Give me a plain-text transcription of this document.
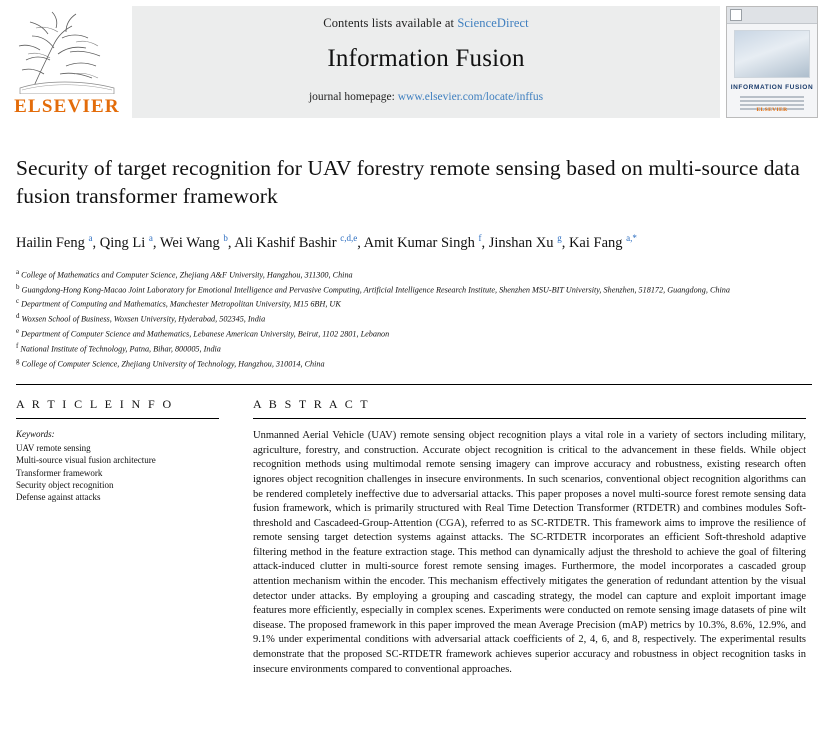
ELSEVIER
Contents lists available at ScienceDirect
Information Fusion
journal homepage: www.elsevier.com/locate/inffus
INFORMATION FUSION
ELSEVIER
Security of target recognition for UAV forestry remote sensing based on multi-source data fusion transformer framework
Hailin Feng $^a$, Qing Li $^a$, Wei Wang $^b$, Ali Kashif Bashir $^{c,d,e}$, Amit Kumar Singh $^f$, Jinshan Xu $^g$, Kai Fang $^{a,*}$
$^a$ College of Mathematics and Computer Science, Zhejiang A&F University, Hangzhou, 311300, China
$^b$ Guangdong-Hong Kong-Macao Joint Laboratory for Emotional Intelligence and Pervasive Computing, Artificial Intelligence Research Institute, Shenzhen MSU-BIT University, Shenzhen, 518172, Guangdong, China
$^c$ Department of Computing and Mathematics, Manchester Metropolitan University, M15 6BH, UK
$^d$ Woxsen School of Business, Woxsen University, Hyderabad, 502345, India
$^e$ Department of Computer Science and Mathematics, Lebanese American University, Beirut, 1102 2801, Lebanon
$^f$ National Institute of Technology, Patna, Bihar, 800005, India
$^g$ College of Computer Science, Zhejiang University of Technology, Hangzhou, 310014, China
A R T I C L E I N F O
Keywords:
UAV remote sensing
Multi-source visual fusion architecture
Transformer framework
Security object recognition
Defense against attacks
A B S T R A C T

Unmanned Aerial Vehicle (UAV) remote sensing object recognition plays a vital role in a variety of sectors including military, agriculture, forestry, and construction. Accurate object recognition is critical to the advancement in these fields. While object recognition methods using multimodal remote sensing imagery can improve accuracy and robustness, existing research often ignores object recognition challenges in insecure environments. In such scenarios, conventional object recognition algorithms can be rendered completely ineffective due to adversarial attacks. This paper proposes a novel multi-source forest remote sensing data fusion framework, which is primarily structured with Real Time Detection Transformer (RTDETR) and combines modules Soft-threshold and Cascadeed-Group-Attention (CGA), referred to as SC-RTDETR. This framework aims to improve the resilience of remote sensing target detection systems against attacks. The SC-RTDETR incorporates an efficient Soft-threshold adaptive filtering method in the feature extraction stage. This method can dynamically adjust the threshold to achieve the goal of filtering attack-induced clutter in multi-source forest remote sensing images. Furthermore, the model incorporates a cascaded group attention mechanism within the encoder. This mechanism effectively mitigates the generation of redundant attention by the visual detector under attacks. By employing a grouping and cascading strategy, the model can capture and exploit important image features more efficiently, especially in complex scenes. Experiments were conducted on remote sensing image datasets of pine wilt disease. The proposed framework in this paper improved the mean Average Precision (mAP) metrics by 10.3%, 8.6%, 12.9%, and 9.1% under experimental conditions with adversarial attack coefficients of 2, 4, 6, and 8, respectively. The experimental results demonstrate that the proposed SC-RTDETR framework achieves superior accuracy and robustness in object recognition tasks in insecure environments compared to conventional approaches.
